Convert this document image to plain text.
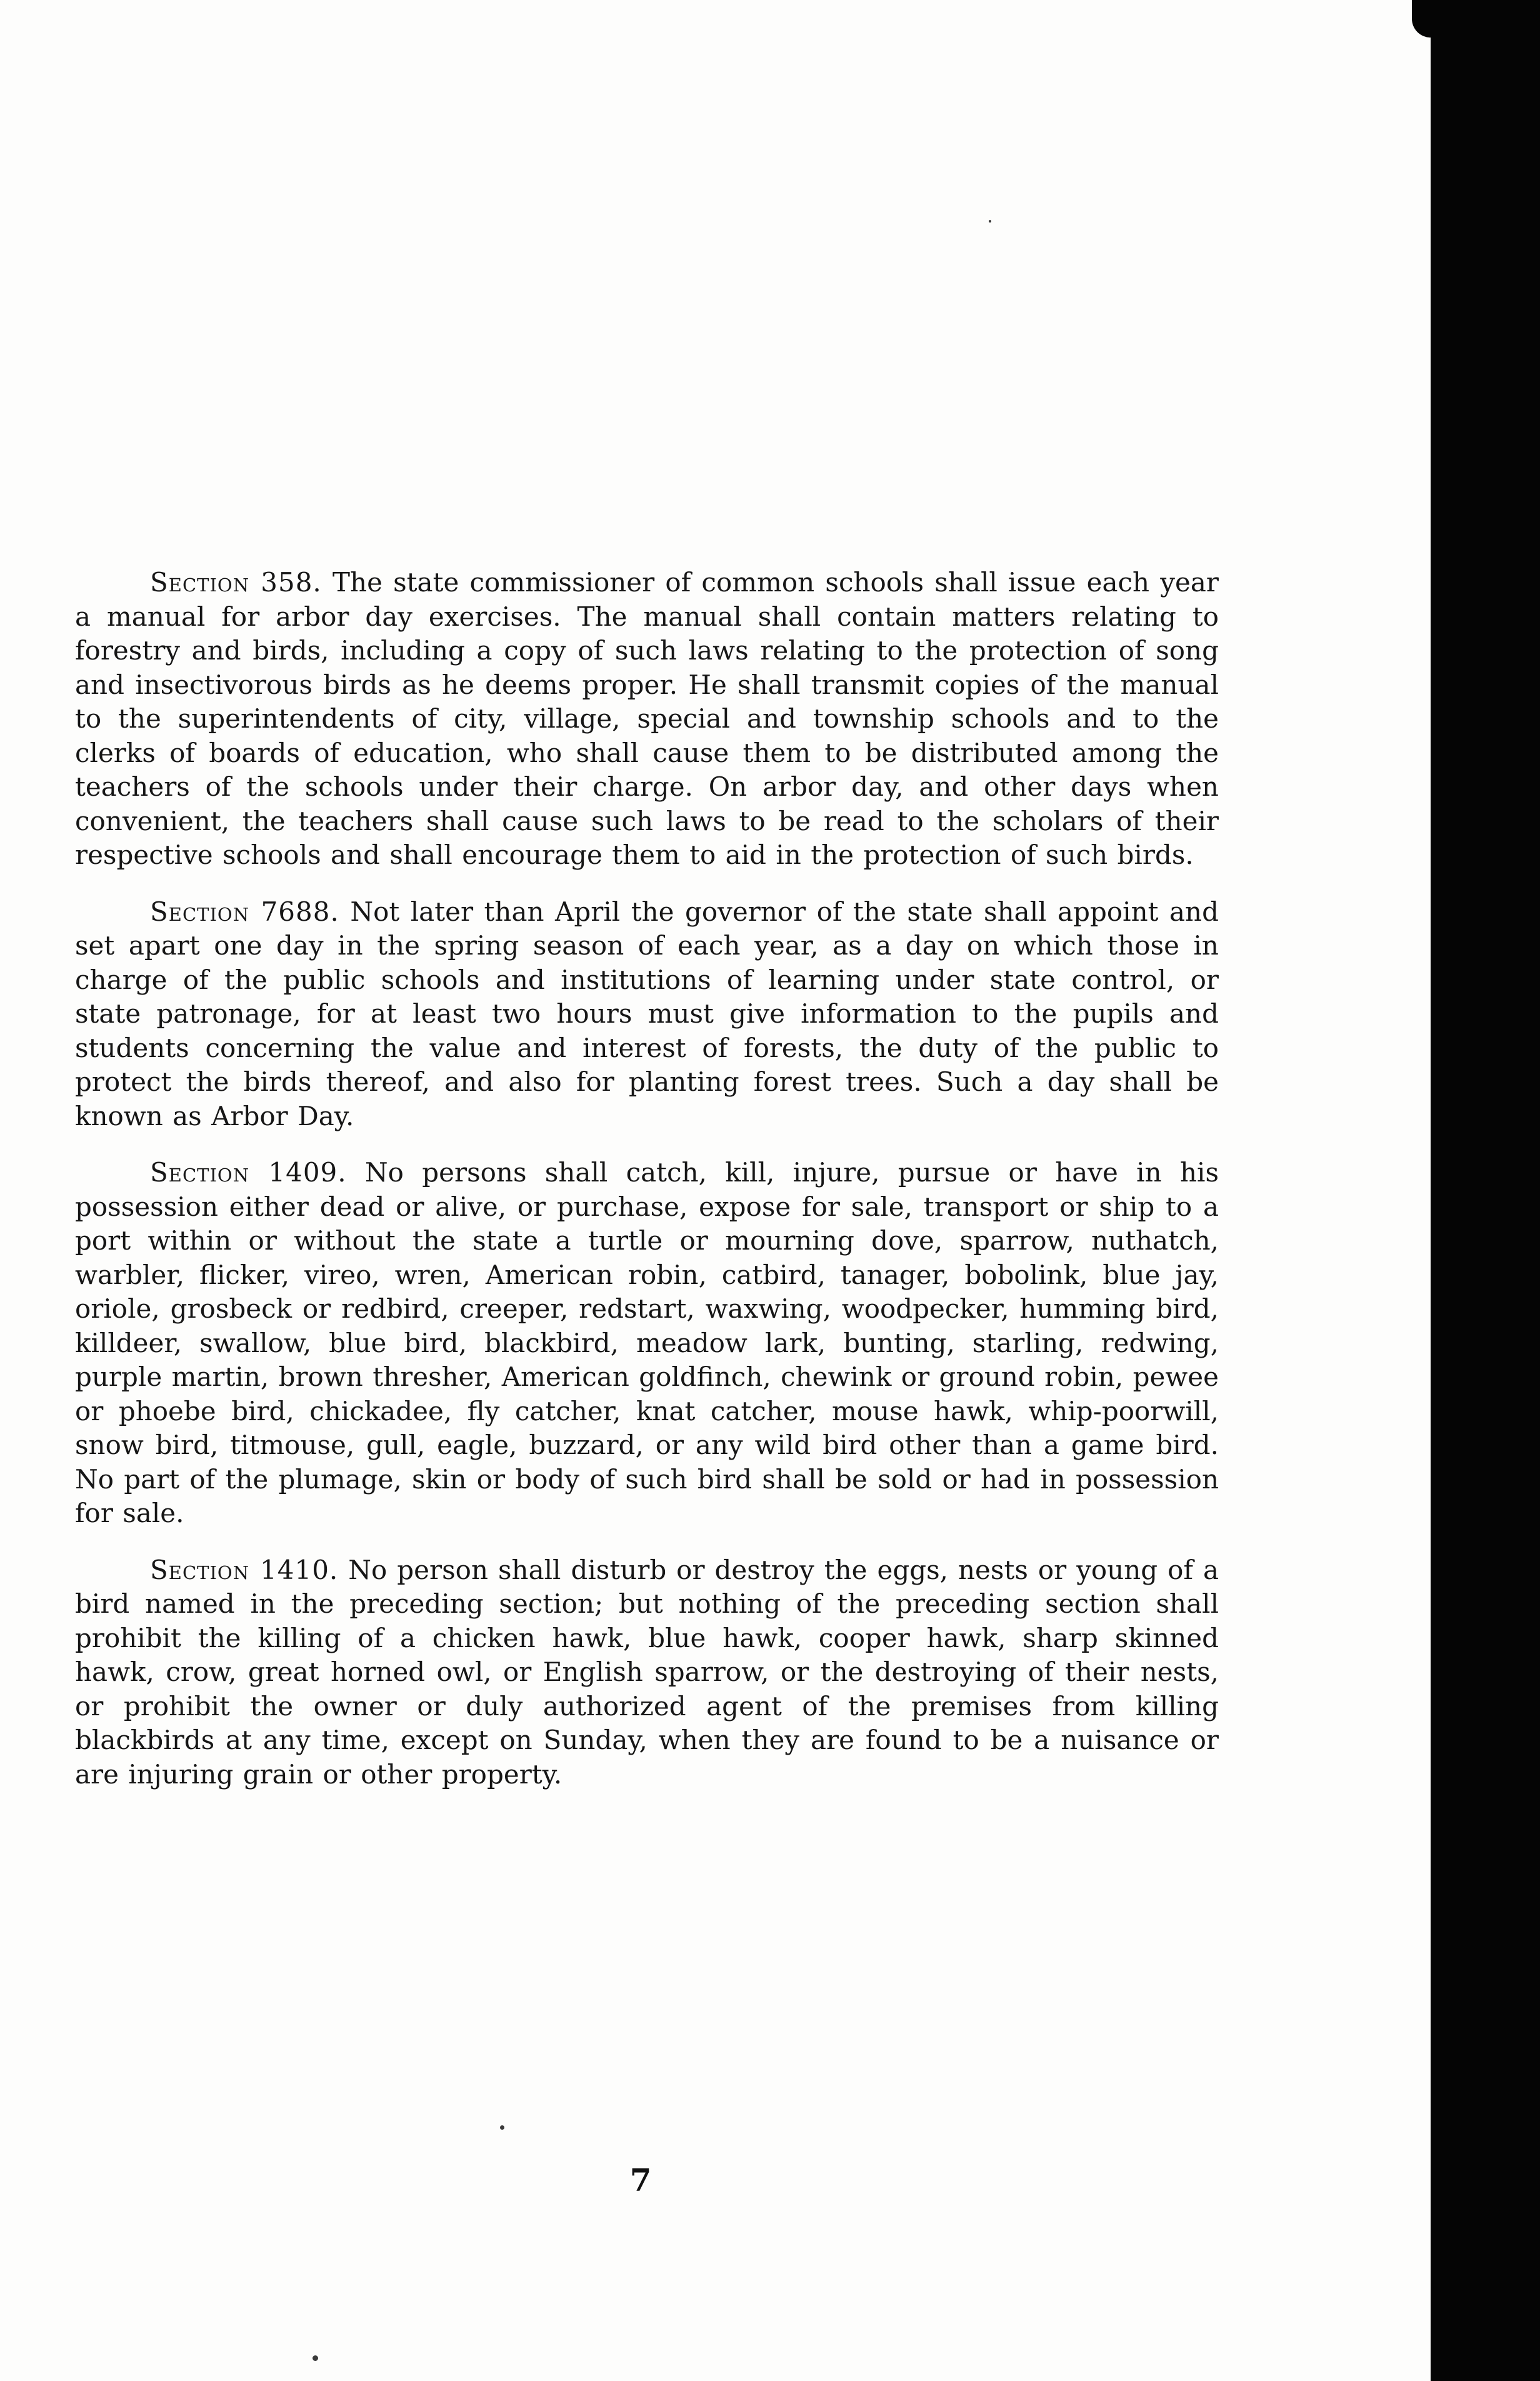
Section 358. The state commissioner of common schools shall issue each year a manual for arbor day exercises. The manual shall contain matters relating to forestry and birds, including a copy of such laws relating to the protection of song and insectivorous birds as he deems proper. He shall transmit copies of the manual to the superintendents of city, village, special and township schools and to the clerks of boards of education, who shall cause them to be distributed among the teachers of the schools under their charge. On arbor day, and other days when convenient, the teachers shall cause such laws to be read to the scholars of their respective schools and shall encourage them to aid in the protection of such birds.

Section 7688. Not later than April the governor of the state shall appoint and set apart one day in the spring season of each year, as a day on which those in charge of the public schools and institutions of learning under state control, or state patronage, for at least two hours must give information to the pupils and students concerning the value and interest of forests, the duty of the public to protect the birds thereof, and also for planting forest trees. Such a day shall be known as Arbor Day.

Section 1409. No persons shall catch, kill, injure, pursue or have in his possession either dead or alive, or purchase, expose for sale, transport or ship to a port within or without the state a turtle or mourning dove, sparrow, nuthatch, warbler, flicker, vireo, wren, American robin, catbird, tanager, bobolink, blue jay, oriole, grosbeck or redbird, creeper, redstart, waxwing, woodpecker, humming bird, killdeer, swallow, blue bird, blackbird, meadow lark, bunting, starling, redwing, purple martin, brown thresher, American goldfinch, chewink or ground robin, pewee or phoebe bird, chickadee, fly catcher, knat catcher, mouse hawk, whip-poorwill, snow bird, titmouse, gull, eagle, buzzard, or any wild bird other than a game bird. No part of the plumage, skin or body of such bird shall be sold or had in possession for sale.

Section 1410. No person shall disturb or destroy the eggs, nests or young of a bird named in the preceding section; but nothing of the preceding section shall prohibit the killing of a chicken hawk, blue hawk, cooper hawk, sharp skinned hawk, crow, great horned owl, or English sparrow, or the destroying of their nests, or prohibit the owner or duly authorized agent of the premises from killing blackbirds at any time, except on Sunday, when they are found to be a nuisance or are injuring grain or other property.

7
